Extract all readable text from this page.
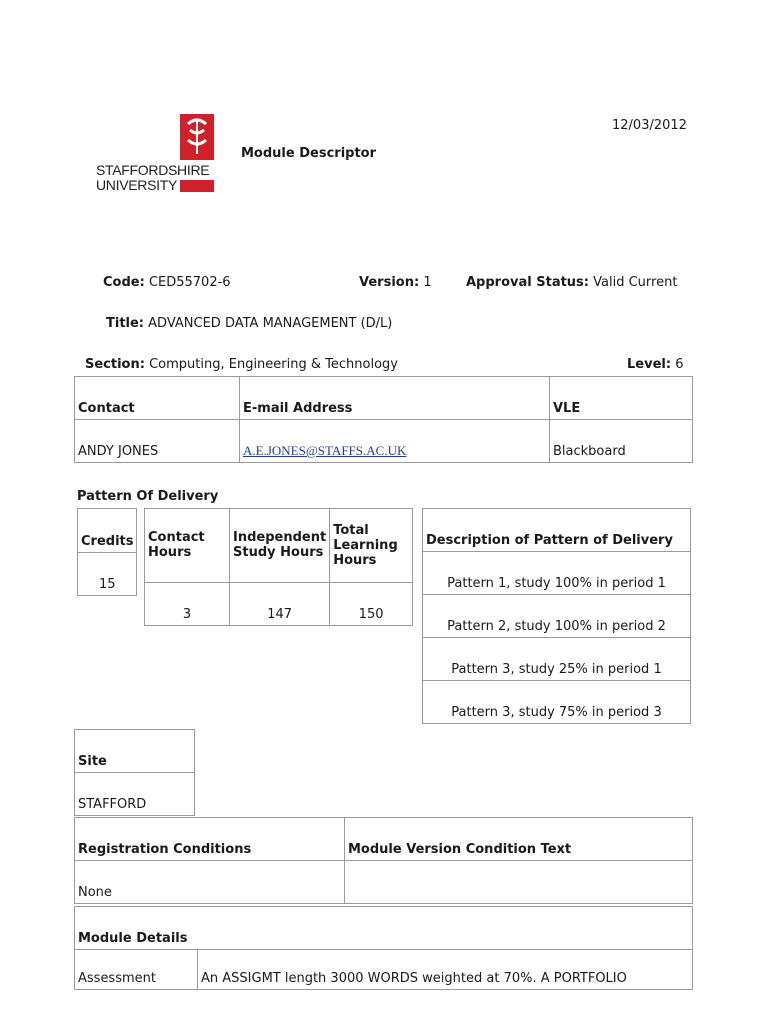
12/03/2012
STAFFORDSHIRE
UNIVERSITY
Module Descriptor
Code: CED55702-6	Version: 1	Approval Status: Valid Current
Title: ADVANCED DATA MANAGEMENT (D/L)
Section: Computing, Engineering & Technology	Level: 6
Contact	E-mail Address	VLE
ANDY JONES	A.E.JONES@STAFFS.AC.UK	Blackboard
Pattern Of Delivery
Credits
15
Contact Hours	Independent Study Hours	Total Learning Hours
3	147	150
Description of Pattern of Delivery
Pattern 1, study 100% in period 1
Pattern 2, study 100% in period 2
Pattern 3, study 25% in period 1
Pattern 3, study 75% in period 3
Site
STAFFORD
Registration Conditions	Module Version Condition Text
None	
Module Details
Assessment	An ASSIGMT length 3000 WORDS weighted at 70%. A PORTFOLIO
